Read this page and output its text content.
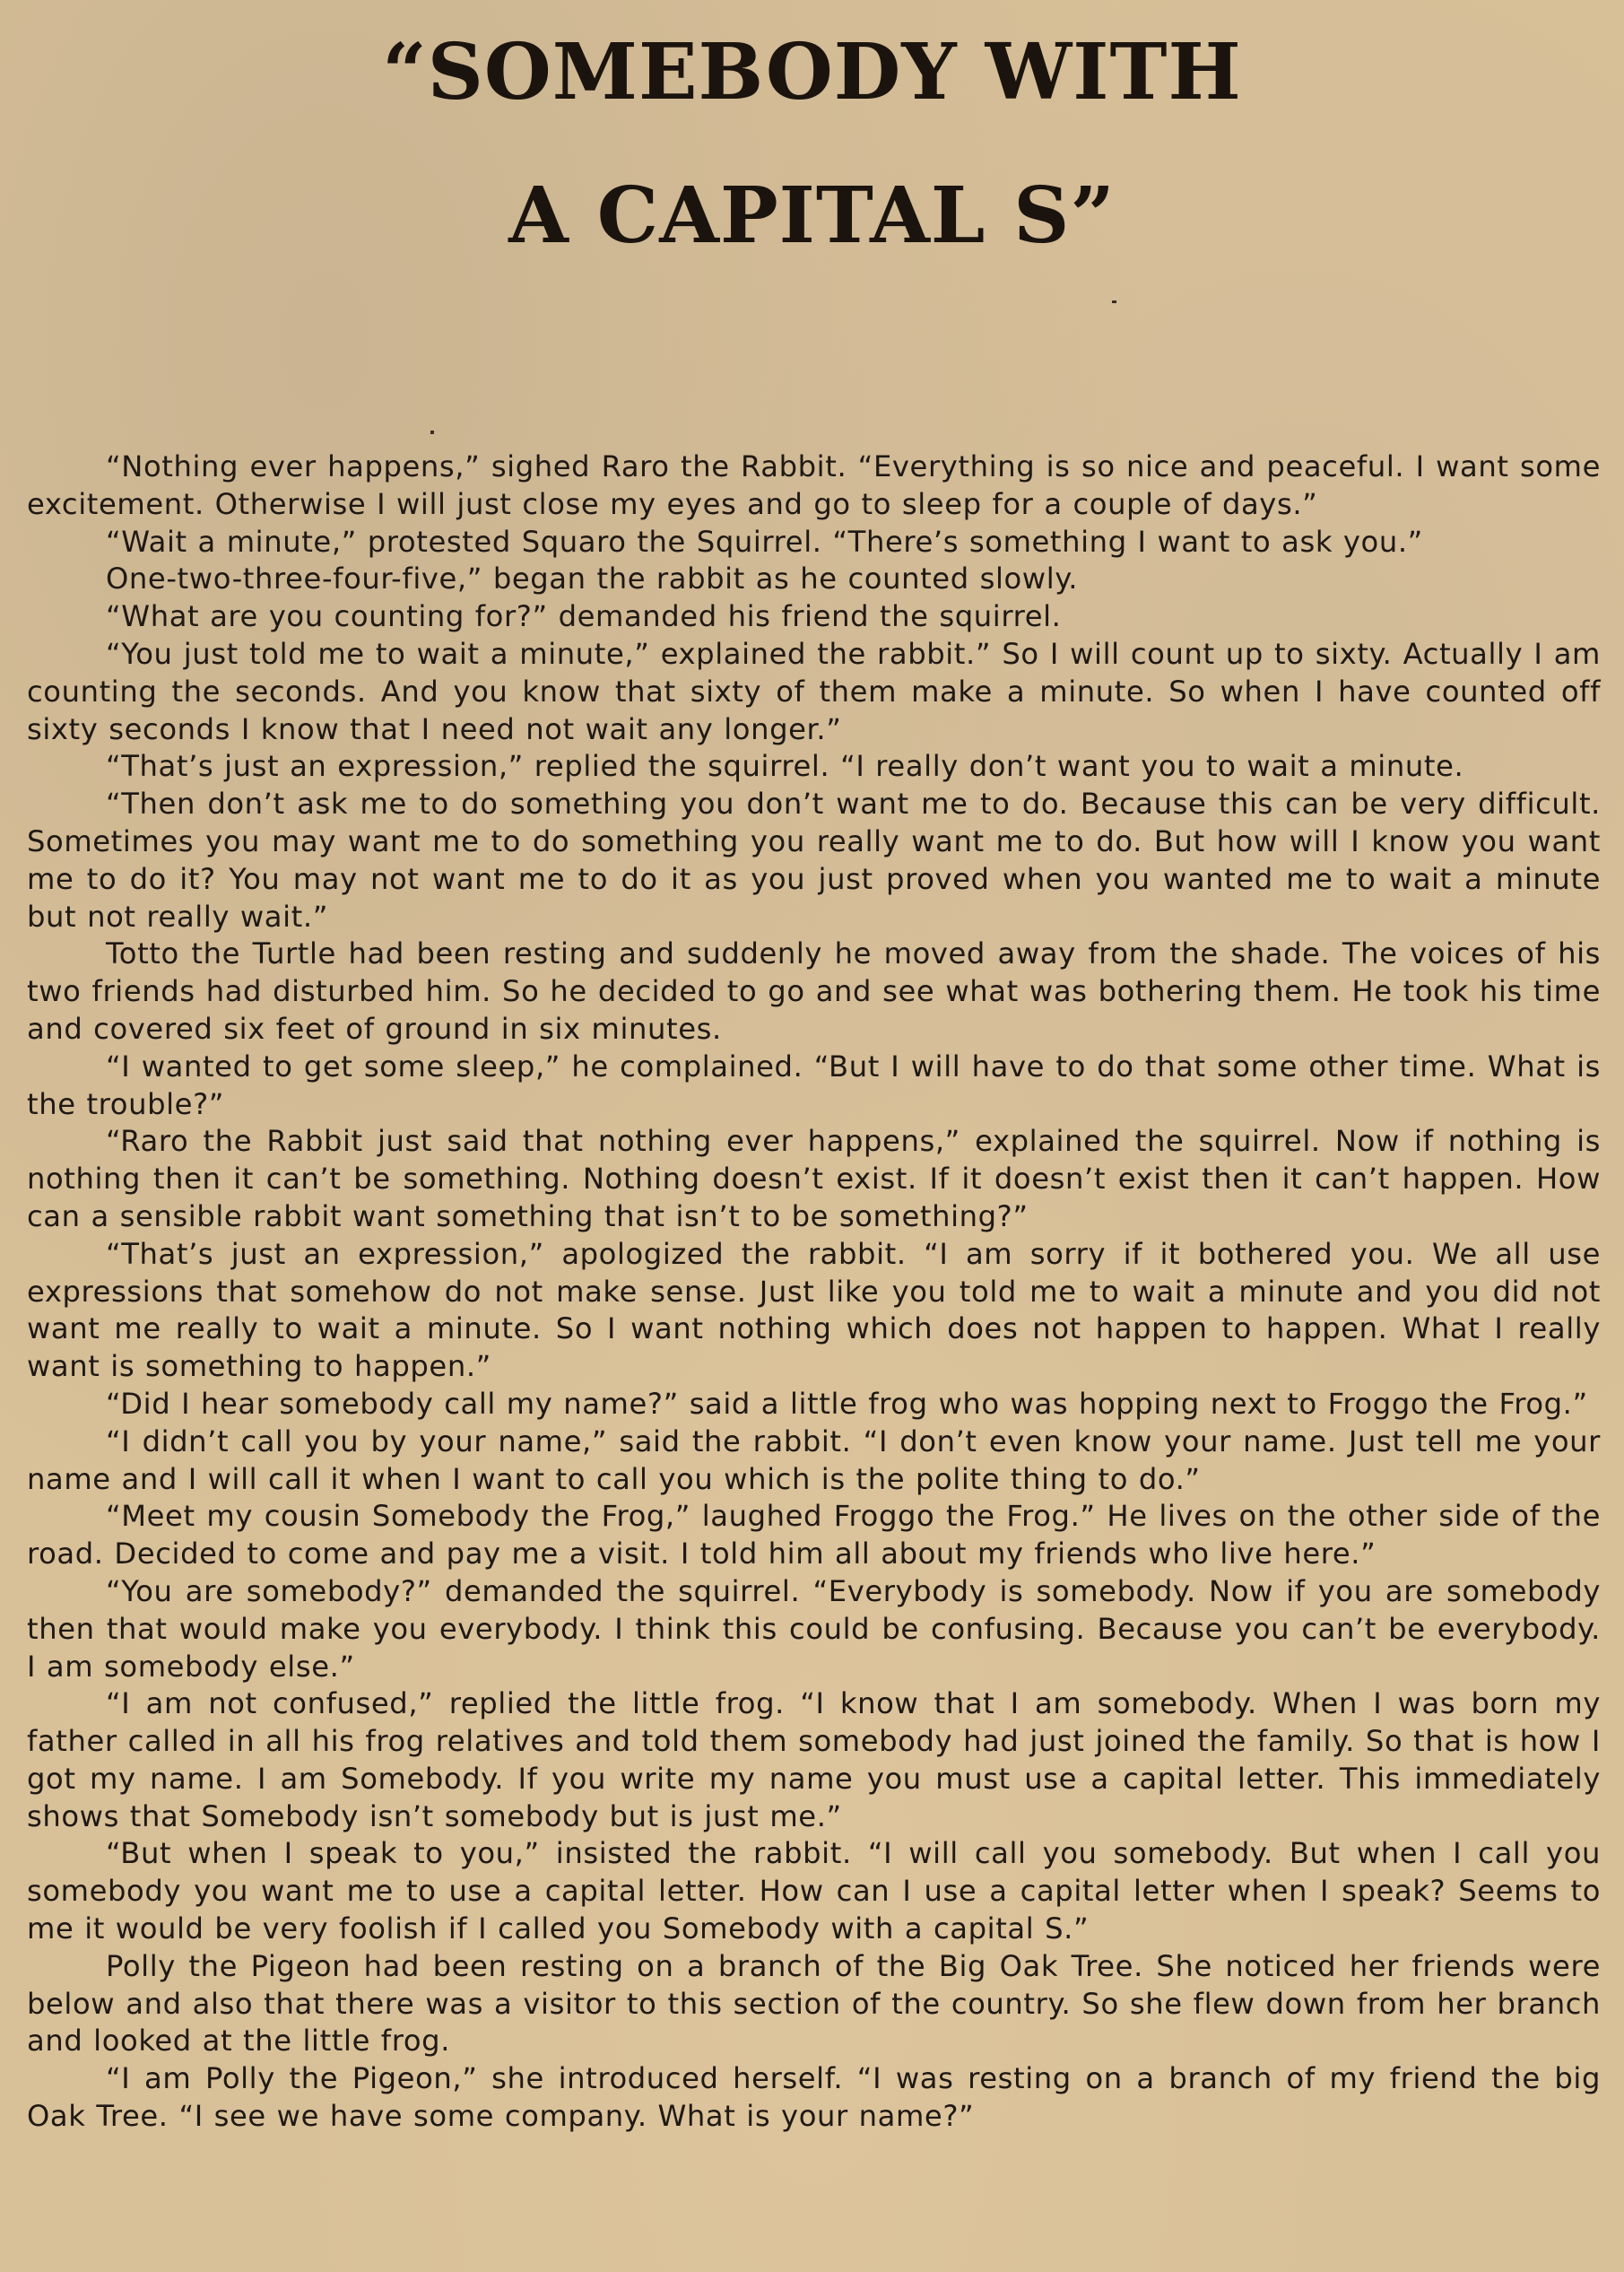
“SOMEBODY WITH
A CAPITAL S”

“Nothing ever happens,” sighed Raro the Rabbit. “Everything is so nice and peaceful. I want some excitement. Otherwise I will just close my eyes and go to sleep for a couple of days.”

“Wait a minute,” protested Squaro the Squirrel. “There’s something I want to ask you.”

One-two-three-four-five,” began the rabbit as he counted slowly.

“What are you counting for?” demanded his friend the squirrel.

“You just told me to wait a minute,” explained the rabbit.” So I will count up to sixty. Actually I am counting the seconds. And you know that sixty of them make a minute. So when I have counted off sixty seconds I know that I need not wait any longer.”

“That’s just an expression,” replied the squirrel. “I really don’t want you to wait a minute.

“Then don’t ask me to do something you don’t want me to do. Because this can be very difficult. Sometimes you may want me to do something you really want me to do. But how will I know you want me to do it? You may not want me to do it as you just proved when you wanted me to wait a minute but not really wait.”

Totto the Turtle had been resting and suddenly he moved away from the shade. The voices of his two friends had disturbed him. So he decided to go and see what was bothering them. He took his time and covered six feet of ground in six minutes.

“I wanted to get some sleep,” he complained. “But I will have to do that some other time. What is the trouble?”

“Raro the Rabbit just said that nothing ever happens,” explained the squirrel. Now if nothing is nothing then it can’t be something. Nothing doesn’t exist. If it doesn’t exist then it can’t happen. How can a sensible rabbit want something that isn’t to be something?”

“That’s just an expression,” apologized the rabbit. “I am sorry if it bothered you. We all use expressions that somehow do not make sense. Just like you told me to wait a minute and you did not want me really to wait a minute. So I want nothing which does not happen to happen. What I really want is something to happen.”

“Did I hear somebody call my name?” said a little frog who was hopping next to Froggo the Frog.”

“I didn’t call you by your name,” said the rabbit. “I don’t even know your name. Just tell me your name and I will call it when I want to call you which is the polite thing to do.”

“Meet my cousin Somebody the Frog,” laughed Froggo the Frog.” He lives on the other side of the road. Decided to come and pay me a visit. I told him all about my friends who live here.”

“You are somebody?” demanded the squirrel. “Everybody is somebody. Now if you are somebody then that would make you everybody. I think this could be confusing. Because you can’t be everybody. I am somebody else.”

“I am not confused,” replied the little frog. “I know that I am somebody. When I was born my father called in all his frog relatives and told them somebody had just joined the family. So that is how I got my name. I am Somebody. If you write my name you must use a capital letter. This immediately shows that Somebody isn’t somebody but is just me.”

“But when I speak to you,” insisted the rabbit. “I will call you somebody. But when I call you somebody you want me to use a capital letter. How can I use a capital letter when I speak? Seems to me it would be very foolish if I called you Somebody with a capital S.”

Polly the Pigeon had been resting on a branch of the Big Oak Tree. She noticed her friends were below and also that there was a visitor to this section of the country. So she flew down from her branch and looked at the little frog.

“I am Polly the Pigeon,” she introduced herself. “I was resting on a branch of my friend the big Oak Tree. “I see we have some company. What is your name?”
